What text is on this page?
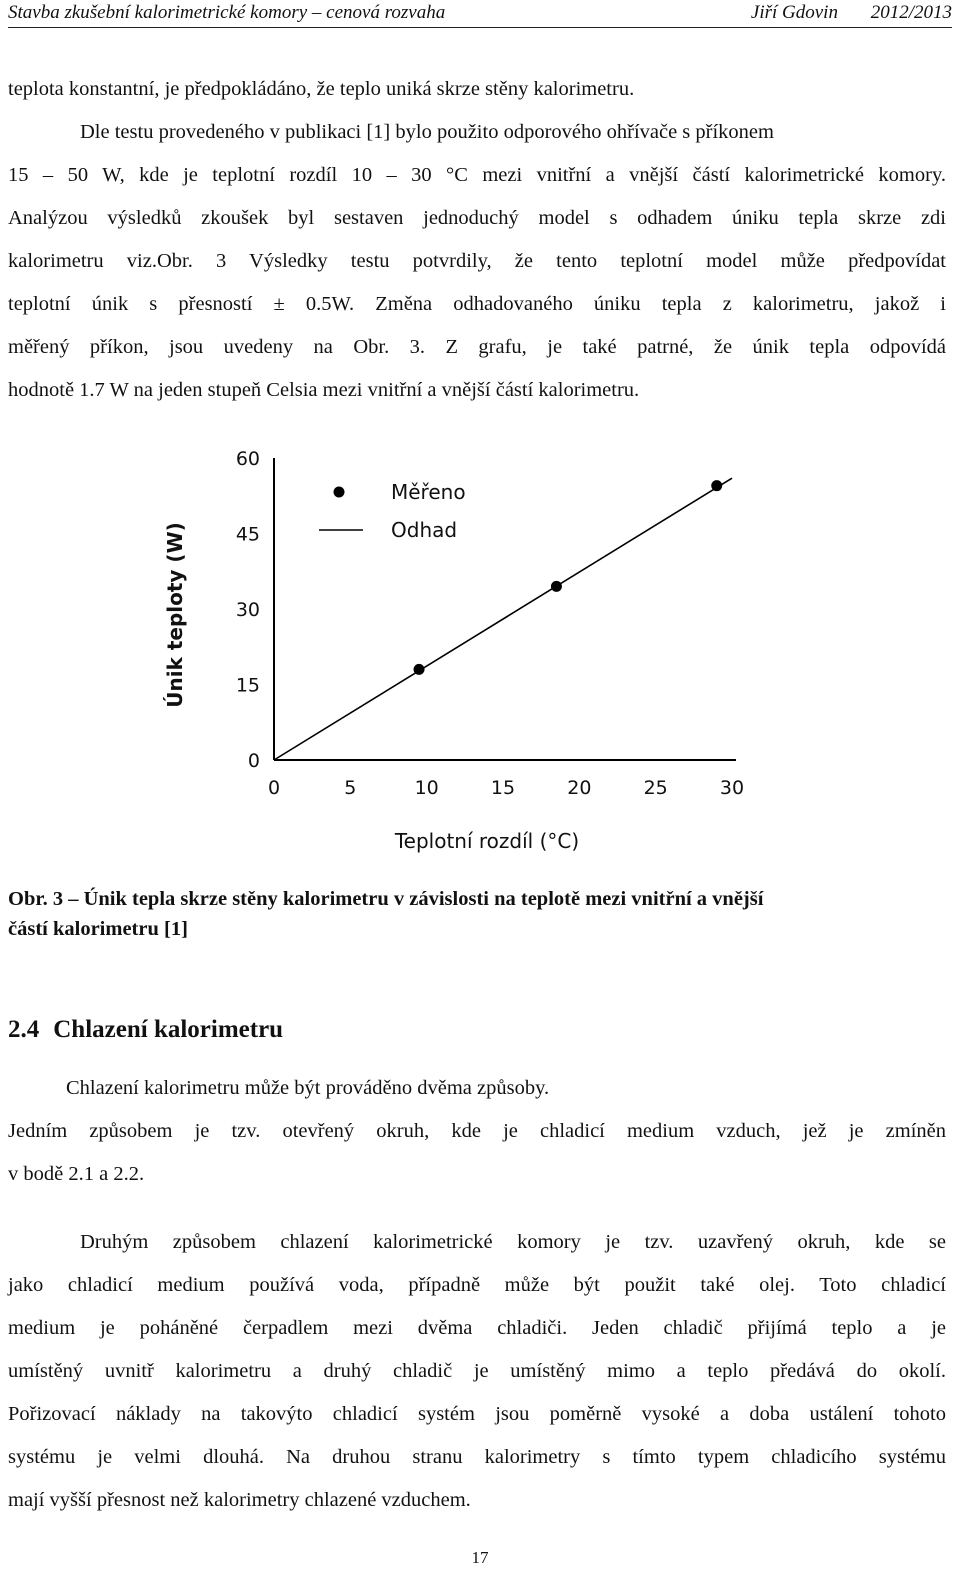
Stavba zkušební kalorimetrické komory – cenová rozvaha	Jiří Gdovin 2012/2013

teplota konstantní, je předpokládáno, že teplo uniká skrze stěny kalorimetru.

Dle testu provedeného v publikaci [1] bylo použito odporového ohřívače s příkonem

15 – 50 W, kde je teplotní rozdíl 10 – 30 °C mezi vnitřní a vnější částí kalorimetrické komory.

Analýzou výsledků zkoušek byl sestaven jednoduchý model s odhadem úniku tepla skrze zdi

kalorimetru viz.Obr. 3 Výsledky testu potvrdily, že tento teplotní model může předpovídat

teplotní únik s přesností ± 0.5W. Změna odhadovaného úniku tepla z kalorimetru, jakož i

měřený příkon, jsou uvedeny na Obr. 3. Z grafu, je také patrné, že únik tepla odpovídá

hodnotě 1.7 W na jeden stupeň Celsia mezi vnitřní a vnější částí kalorimetru.

0	5	10	15	20	25	30
0
15
30
45
60
Měřeno
Odhad
Teplotní rozdíl (°C)
Únik teploty (W)
Obr. 3 – Únik tepla skrze stěny kalorimetru v závislosti na teplotě mezi vnitřní a vnější
částí kalorimetru [1]
2.4 Chlazení kalorimetru

Chlazení kalorimetru může být prováděno dvěma způsoby.

Jedním způsobem je tzv. otevřený okruh, kde je chladicí medium vzduch, jež je zmíněn

v bodě 2.1 a 2.2.

Druhým způsobem chlazení kalorimetrické komory je tzv. uzavřený okruh, kde se

jako chladicí medium používá voda, případně může být použit také olej. Toto chladicí

medium je poháněné čerpadlem mezi dvěma chladiči. Jeden chladič přijímá teplo a je

umístěný uvnitř kalorimetru a druhý chladič je umístěný mimo a teplo předává do okolí.

Pořizovací náklady na takovýto chladicí systém jsou poměrně vysoké a doba ustálení tohoto

systému je velmi dlouhá. Na druhou stranu kalorimetry s tímto typem chladicího systému

mají vyšší přesnost než kalorimetry chlazené vzduchem.

17
